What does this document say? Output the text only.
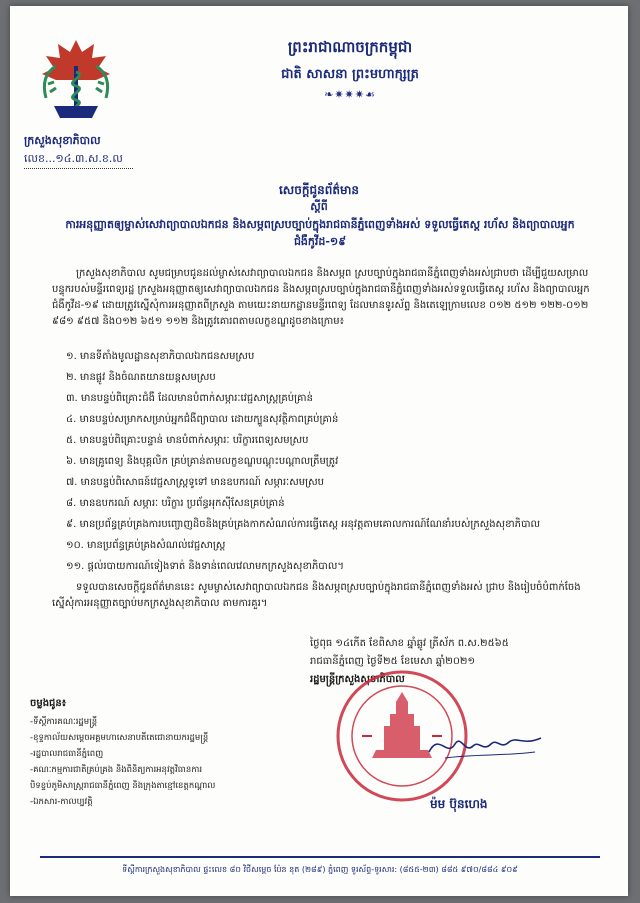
ក្រសួងសុខាភិបាល
លេខ...១៤.៣.ស.ខ.ល
ព្រះរាជាណាចក្រកម្ពុជា
ជាតិ សាសនា ព្រះមហាក្សត្រ
❧✷✷✷☙
សេចក្តីជូនព័ត៌មាន
ស្តីពី
ការអនុញ្ញាតឲ្យម្ចាស់សេវាព្យាបាលឯកជន និងសម្ភពស្របច្បាប់ក្នុងរាជធានីភ្នំពេញទាំងអស់ ទទួលធ្វើតេស្ត រហ័ស និងព្យាបាលអ្នកជំងឺកូវីដ-១៩
ក្រសួងសុខាភិបាល សូមជម្រាបជូនដល់ម្ចាស់សេវាព្យាបាលឯកជន និងសម្ភព ស្របច្បាប់ក្នុងរាជធានីភ្នំពេញទាំងអស់ជ្រាបថា ដើម្បីជួយសម្រាលបន្ទុករបស់មន្ទីរពេទ្យរដ្ឋ ក្រសួងអនុញ្ញាតឲ្យសេវាព្យាបាលឯកជន និងសម្ភពស្របច្បាប់ក្នុងរាជធានីភ្នំពេញទាំងអស់ទទួលធ្វើតេស្ត រហ័ស និងព្យាបាលអ្នកជំងឺកូវីដ-១៩ ដោយត្រូវស្នើសុំការអនុញ្ញាតពីក្រសួង តាមយេះនាយកដ្ឋានមន្ទីរពេទ្យ ដែលមានទូរស័ព្ទ និងតេឡេក្រាមលេខ ០១២ ៥១២ ១២២-០១២ ៩៨១ ៩៥៧ និង០១២ ៦៥១ ១១២ និងត្រូវគោរពតាមលក្ខខណ្ឌដូចខាងក្រោម៖
១. មានទីតាំងមូលដ្ឋានសុខាភិបាលឯកជនសមស្រប
២. មានផ្លូវ និងចំណតយានយន្តសមស្រប
៣. មានបន្ទប់ពិគ្រោះជំងឺ ដែលមានបំពាក់សម្ភារៈវេជ្ជសាស្ត្រគ្រប់គ្រាន់
៤. មានបន្ទប់សម្រាកសម្រាប់អ្នកជំងឺព្យាបាល ដោយក្បួនសុវត្ថិភាពគ្រប់គ្រាន់
៥. មានបន្ទប់ពិគ្រោះបន្ទាន់ មានបំពាក់សម្ភារៈ បរិក្ខារពេទ្យសមស្រប
៦. មានគ្រូពេទ្យ និងបុគ្គលិក គ្រប់គ្រាន់តាមលក្ខខណ្ឌបណ្តុះបណ្តាលត្រឹមត្រូវ
៧. មានបន្ទប់ពិសោធន៍វេជ្ជសាស្ត្រទូទៅ មានឧបករណ៍ សម្ភារៈសមស្រប
៨. មានឧបករណ៍ សម្ភារៈ បរិក្ខារ ប្រព័ន្ធអុកស៊ីសែនគ្រប់គ្រាន់
៩. មានប្រព័ន្ធគ្រប់គ្រងការបញ្ចោញដិចនិងគ្រប់គ្រងកាកសំណល់ការធ្វើតេស្ត អនុវត្តតាមគោលការណ៍ណែនាំរបស់ក្រសួងសុខាភិបាល
១០. មានប្រព័ន្ធគ្រប់គ្រងសំណល់វេជ្ជសាស្ត្រ
១១. ផ្តល់របាយការណ៍ទៀងទាត់ និងទាន់ពេលវេលាមកក្រសួងសុខាភិបាល។
ទទួលបានសេចក្តីជូនព័ត៌មាននេះ សូមម្ចាស់សេវាព្យាបាលឯកជន និងសម្ភពស្របច្បាប់ក្នុងរាជធានីភ្នំពេញទាំងអស់ ជ្រាប និងរៀបចំបំពាក់ចែងស្នើសុំការអនុញ្ញាតច្បាប់មកក្រសួងសុខាភិបាល តាមការគួរ។
ថ្ងៃពុធ ១៤កើត ខែពិសាខ ឆ្នាំឆ្លូវ ត្រីស័ក ព.ស.២៥៦៥
រាជធានីភ្នំពេញ ថ្ងៃទី២៥ ខែមេសា ឆ្នាំ២០២១
រដ្ឋមន្ត្រីក្រសួងសុខាភិបាល
ម៉ម ប៊ុនហេង
ចម្លងជូន៖
-ទីស្តីការគណៈរដ្ឋមន្ត្រី
-ខុទ្ទកាល័យសម្តេចអគ្គមហាសេនាបតីតេជោនាយករដ្ឋមន្ត្រី
-រដ្ឋបាលរាជធានីភ្នំពេញ
-គណៈកម្មការជាតិគ្រប់គ្រង និងពិនិត្យការអនុវត្តវិធានការ
បិទខ្ទប់ភូមិសាស្ត្ររាជធានីភ្នំពេញ និងក្រុងតាខ្មៅខេត្តកណ្តាល
-ឯកសារ-កាលប្បវត្តិ
ទីស្តីការក្រសួងសុខាភិបាល ផ្ទះលេខ ៨០ វិថីសម្តេច ប៉ែន នុត (២៨៩) ភ្នំពេញ ទូរស័ព្ទ-ទូរសារ: (៨៥៥-២៣) ៨៨៥ ៩៧០/៨៨៤ ៩០៩
